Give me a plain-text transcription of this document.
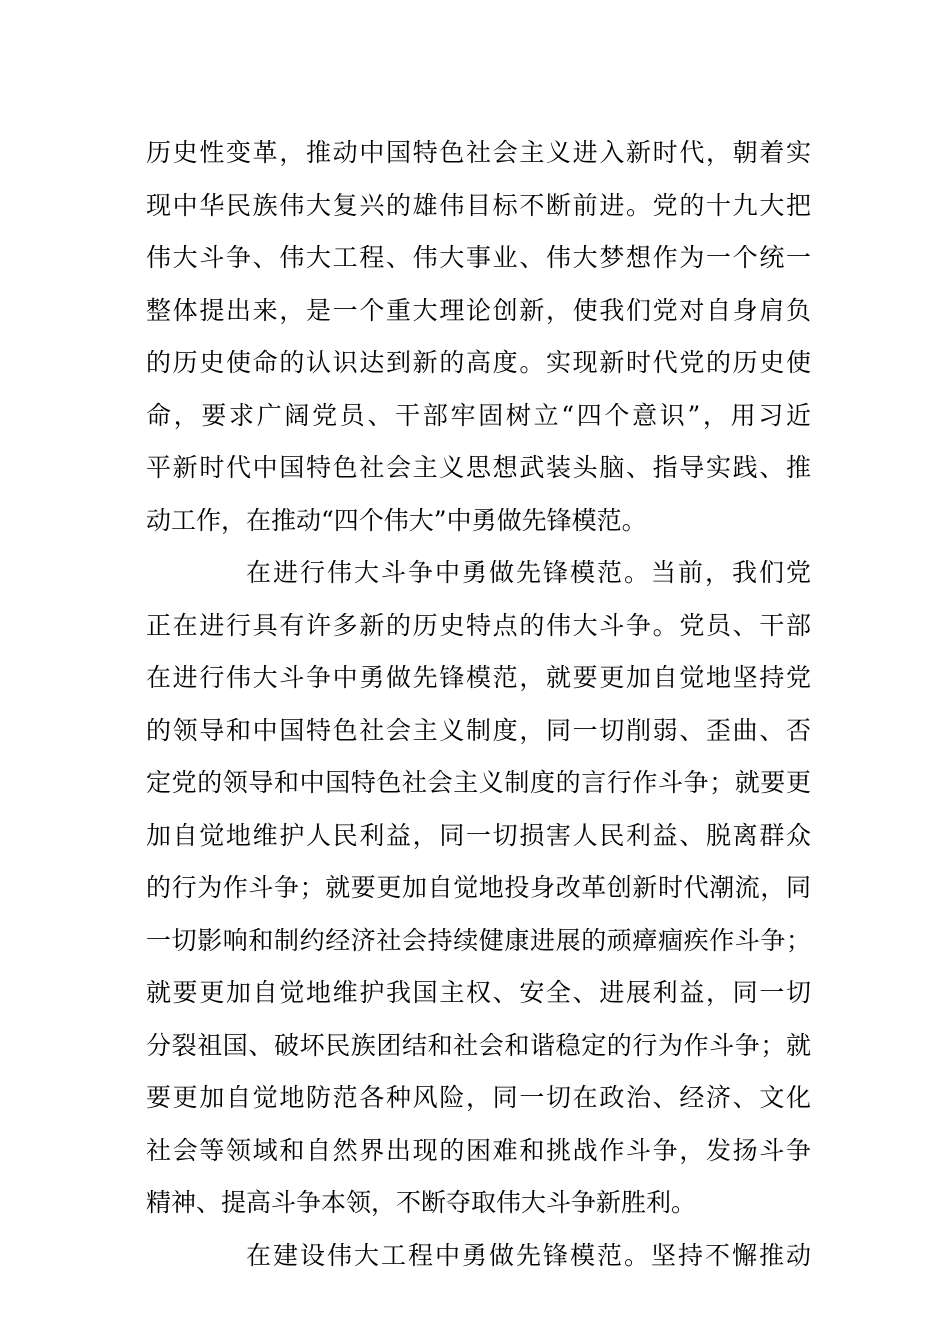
历史性变革，推动中国特色社会主义进入新时代，朝着实
现中华民族伟大复兴的雄伟目标不断前进。党的十九大把
伟大斗争、伟大工程、伟大事业、伟大梦想作为一个统一
整体提出来，是一个重大理论创新，使我们党对自身肩负
的历史使命的认识达到新的高度。实现新时代党的历史使
命，要求广阔党员、干部牢固树立“四个意识”，用习近
平新时代中国特色社会主义思想武装头脑、指导实践、推
动工作，在推动“四个伟大”中勇做先锋模范。
在进行伟大斗争中勇做先锋模范。当前，我们党
正在进行具有许多新的历史特点的伟大斗争。党员、干部
在进行伟大斗争中勇做先锋模范，就要更加自觉地坚持党
的领导和中国特色社会主义制度，同一切削弱、歪曲、否
定党的领导和中国特色社会主义制度的言行作斗争；就要更
加自觉地维护人民利益，同一切损害人民利益、脱离群众
的行为作斗争；就要更加自觉地投身改革创新时代潮流，同
一切影响和制约经济社会持续健康进展的顽瘴痼疾作斗争；
就要更加自觉地维护我国主权、安全、进展利益，同一切
分裂祖国、破坏民族团结和社会和谐稳定的行为作斗争；就
要更加自觉地防范各种风险，同一切在政治、经济、文化
社会等领域和自然界出现的困难和挑战作斗争，发扬斗争
精神、提高斗争本领，不断夺取伟大斗争新胜利。
在建设伟大工程中勇做先锋模范。坚持不懈推动
